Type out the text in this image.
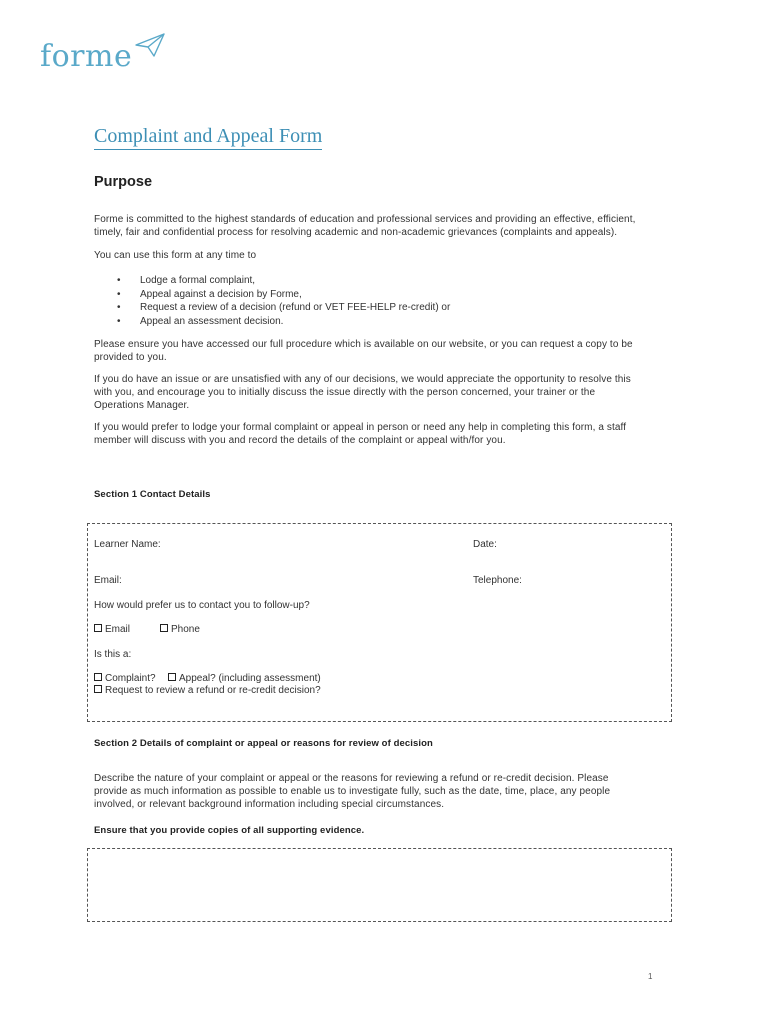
forme
Complaint and Appeal Form
Purpose
Forme is committed to the highest standards of education and professional services and providing an effective, efficient,
timely, fair and confidential process for resolving academic and non-academic grievances (complaints and appeals).
You can use this form at any time to
• Lodge a formal complaint,
• Appeal against a decision by Forme,
• Request a review of a decision (refund or VET FEE-HELP re-credit) or
• Appeal an assessment decision.
Please ensure you have accessed our full procedure which is available on our website, or you can request a copy to be
provided to you.
If you do have an issue or are unsatisfied with any of our decisions, we would appreciate the opportunity to resolve this
with you, and encourage you to initially discuss the issue directly with the person concerned, your trainer or the
Operations Manager.
If you would prefer to lodge your formal complaint or appeal in person or need any help in completing this form, a staff
member will discuss with you and record the details of the complaint or appeal with/for you.
Section 1 Contact Details
Learner Name:	Date:
Email:	Telephone:
How would prefer us to contact you to follow-up?
Email	Phone
Is this a:
Complaint?	Appeal? (including assessment)
Request to review a refund or re-credit decision?
Section 2 Details of complaint or appeal or reasons for review of decision
Describe the nature of your complaint or appeal or the reasons for reviewing a refund or re-credit decision. Please
provide as much information as possible to enable us to investigate fully, such as the date, time, place, any people
involved, or relevant background information including special circumstances.
Ensure that you provide copies of all supporting evidence.
1
